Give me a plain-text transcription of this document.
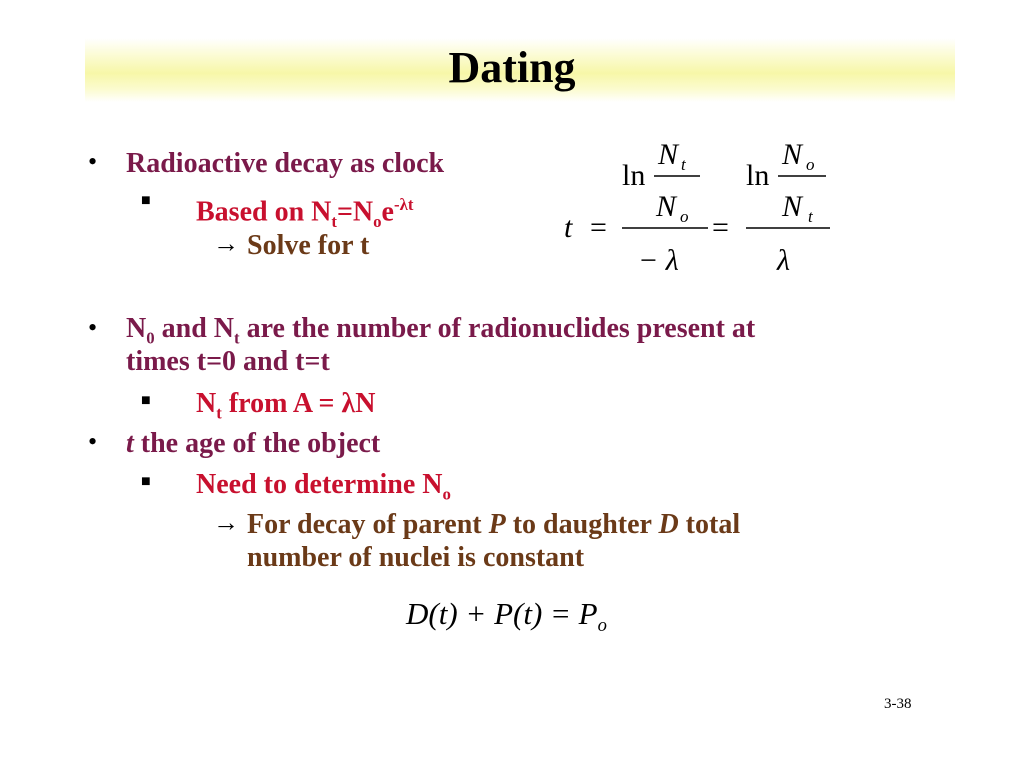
Dating
• Radioactive decay as clock
■ Based on $N_t=N_oe^{-\lambda t}$
→ Solve for t
t =
ln
N t
N o
− λ
=
ln
N o
N t
λ
• $N_0$ and $N_t$ are the number of radionuclides present at
times t=0 and t=t
■ $N_t$ from A = λN
• t the age of the object
■ Need to determine $N_o$
→ For decay of parent P to daughter D total
number of nuclei is constant
$D(t) + P(t) = P_o$
3-38
